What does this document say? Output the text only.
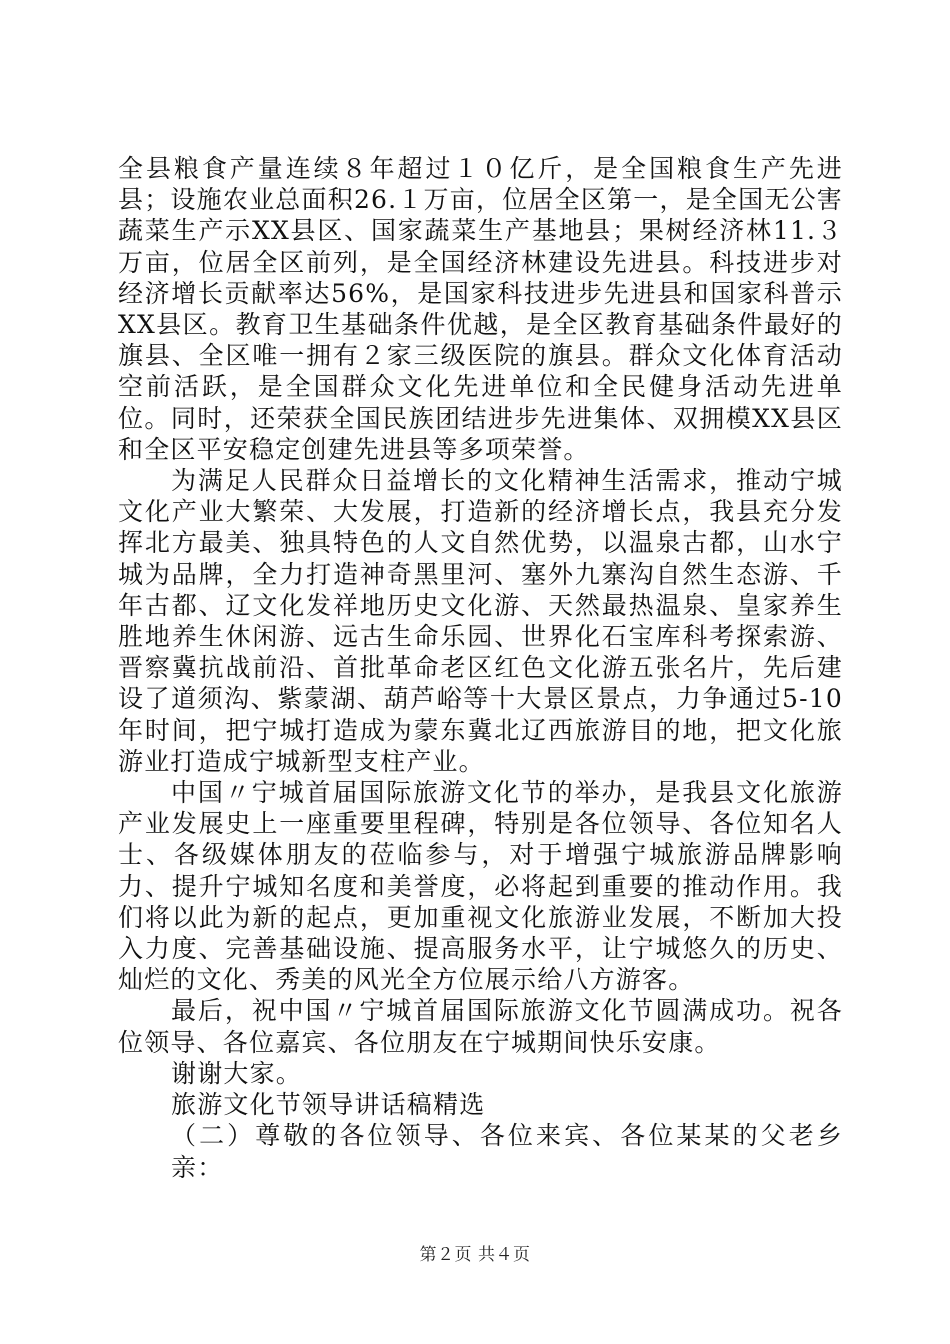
全县粮食产量连续８年超过１０亿斤，是全国粮食生产先进县；设施农业总面积26.１万亩，位居全区第一，是全国无公害蔬菜生产示XX县区、国家蔬菜生产基地县；果树经济林11.３万亩，位居全区前列，是全国经济林建设先进县。科技进步对经济增长贡献率达56%，是国家科技进步先进县和国家科普示XX县区。教育卫生基础条件优越，是全区教育基础条件最好的旗县、全区唯一拥有２家三级医院的旗县。群众文化体育活动空前活跃，是全国群众文化先进单位和全民健身活动先进单位。同时，还荣获全国民族团结进步先进集体、双拥模XX县区和全区平安稳定创建先进县等多项荣誉。

为满足人民群众日益增长的文化精神生活需求，推动宁城文化产业大繁荣、大发展，打造新的经济增长点，我县充分发挥北方最美、独具特色的人文自然优势，以温泉古都，山水宁城为品牌，全力打造神奇黑里河、塞外九寨沟自然生态游、千年古都、辽文化发祥地历史文化游、天然最热温泉、皇家养生胜地养生休闲游、远古生命乐园、世界化石宝库科考探索游、晋察冀抗战前沿、首批革命老区红色文化游五张名片，先后建设了道须沟、紫蒙湖、葫芦峪等十大景区景点，力争通过5-10年时间，把宁城打造成为蒙东冀北辽西旅游目的地，把文化旅游业打造成宁城新型支柱产业。

中国〃宁城首届国际旅游文化节的举办，是我县文化旅游产业发展史上一座重要里程碑，特别是各位领导、各位知名人士、各级媒体朋友的莅临参与，对于增强宁城旅游品牌影响力、提升宁城知名度和美誉度，必将起到重要的推动作用。我们将以此为新的起点，更加重视文化旅游业发展，不断加大投入力度、完善基础设施、提高服务水平，让宁城悠久的历史、灿烂的文化、秀美的风光全方位展示给八方游客。

最后，祝中国〃宁城首届国际旅游文化节圆满成功。祝各位领导、各位嘉宾、各位朋友在宁城期间快乐安康。

谢谢大家。

旅游文化节领导讲话稿精选

（二）尊敬的各位领导、各位来宾、各位某某的父老乡亲：

第２页 共４页
